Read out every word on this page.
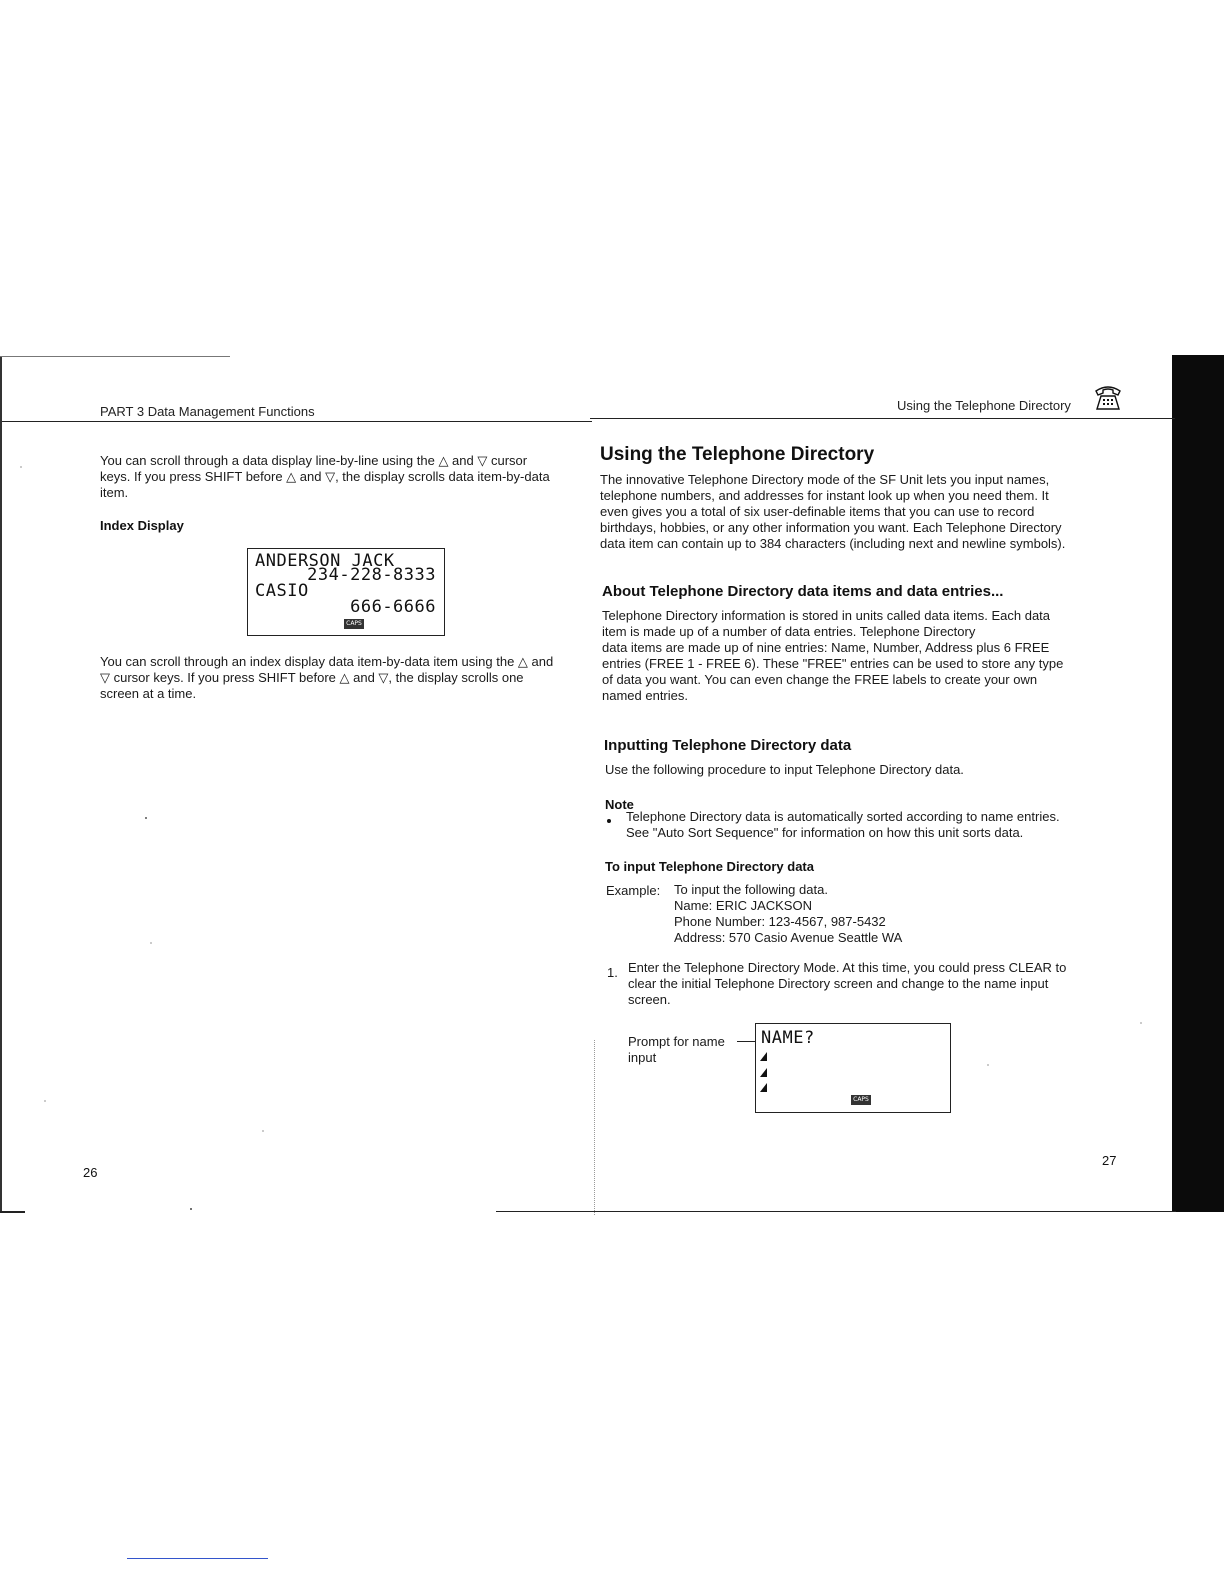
PART 3 Data Management Functions
You can scroll through a data display line-by-line using the △ and ▽ cursor
keys. If you press SHIFT before △ and ▽, the display scrolls data item-by-data
item.
Index Display
ANDERSON JACK
234-228-8333
CASIO
666-6666
CAPS
You can scroll through an index display data item-by-data item using the △ and
▽ cursor keys. If you press SHIFT before △ and ▽, the display scrolls one
screen at a time.
26
Using the Telephone Directory
Using the Telephone Directory
The innovative Telephone Directory mode of the SF Unit lets you input names,
telephone numbers, and addresses for instant look up when you need them. It
even gives you a total of six user-definable items that you can use to record
birthdays, hobbies, or any other information you want. Each Telephone Directory
data item can contain up to 384 characters (including next and newline symbols).
About Telephone Directory data items and data entries...
Telephone Directory information is stored in units called data items. Each data
item is made up of a number of data entries. Telephone Directory
data items are made up of nine entries: Name, Number, Address plus 6 FREE
entries (FREE 1 - FREE 6). These "FREE" entries can be used to store any type
of data you want. You can even change the FREE labels to create your own
named entries.
Inputting Telephone Directory data
Use the following procedure to input Telephone Directory data.
Note
Telephone Directory data is automatically sorted according to name entries.
See "Auto Sort Sequence" for information on how this unit sorts data.
To input Telephone Directory data
Example: To input the following data.
Name: ERIC JACKSON
Phone Number: 123-4567, 987-5432
Address: 570 Casio Avenue Seattle WA
1. Enter the Telephone Directory Mode. At this time, you could press CLEAR to
clear the initial Telephone Directory screen and change to the name input
screen.
Prompt for name
input
NAME?
CAPS
27
